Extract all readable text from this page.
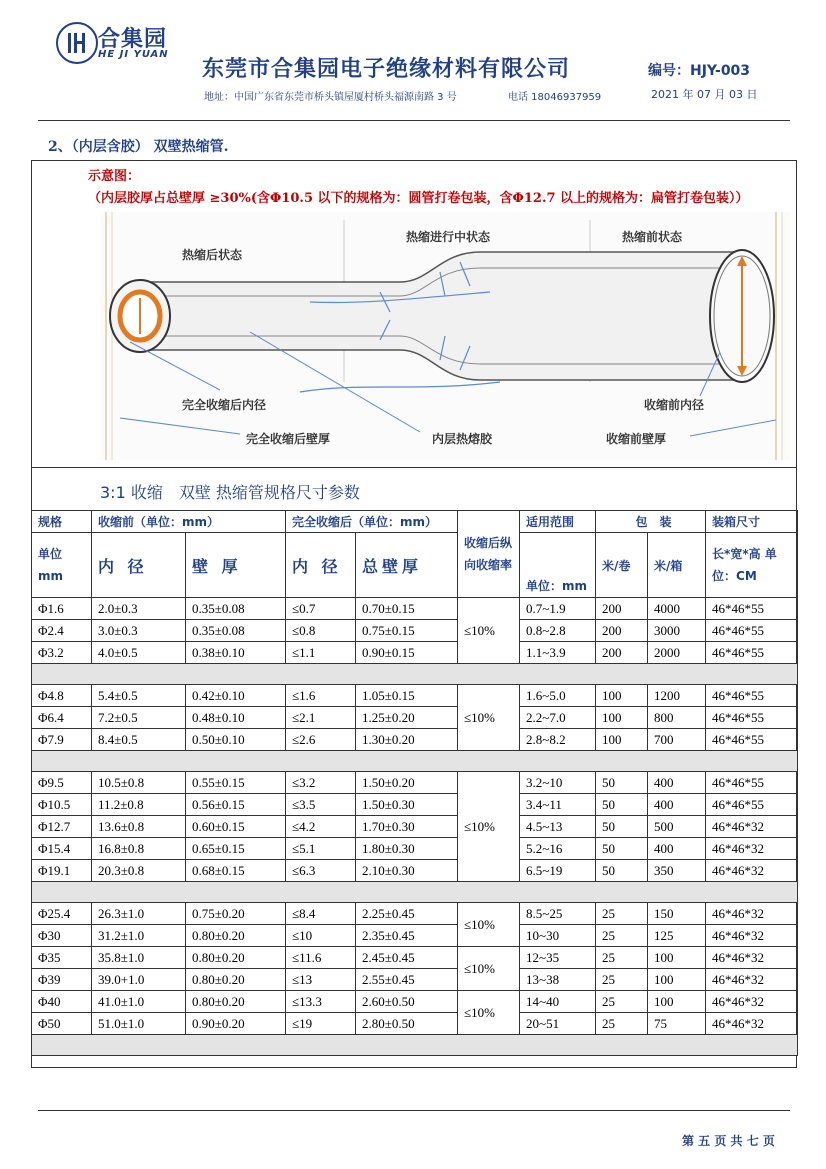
合集园
HE JI YUAN
东莞市合集园电子绝缘材料有限公司	编号：HJY-003
地址：中国广东省东莞市桥头镇屋厦村桥头福源南路 3 号	电话 18046937959	2021 年 07 月 03 日
2、（内层含胶） 双壁热缩管.
示意图：（内层胶厚占总壁厚 ≥30%(含Φ10.5 以下的规格为：圆管打卷包装，含Φ12.7 以上的规格为：扁管打卷包装））
热缩后状态
热缩进行中状态	热缩前状态
完全收缩后内径
完全收缩后壁厚	内层热熔胶
收缩前内径
收缩前壁厚
3:1 收缩　双壁 热缩管规格尺寸参数
规格	收缩前（单位：mm）		完全收缩后（单位：mm）		收缩后纵向收缩率	适用范围	包　装		装箱尺寸
单位 mm	内 径	壁 厚	内 径	总壁厚		单位：mm	米/卷	米/箱	长*宽*高 单位：CM
Φ1.6	2.0±0.3	0.35±0.08	≤0.7	0.70±0.15	≤10%	0.7~1.9	200	4000	46*46*55
Φ2.4	3.0±0.3	0.35±0.08	≤0.8	0.75±0.15		0.8~2.8	200	3000	46*46*55
Φ3.2	4.0±0.5	0.38±0.10	≤1.1	0.90±0.15		1.1~3.9	200	2000	46*46*55

Φ4.8	5.4±0.5	0.42±0.10	≤1.6	1.05±0.15	≤10%	1.6~5.0	100	1200	46*46*55
Φ6.4	7.2±0.5	0.48±0.10	≤2.1	1.25±0.20		2.2~7.0	100	800	46*46*55
Φ7.9	8.4±0.5	0.50±0.10	≤2.6	1.30±0.20		2.8~8.2	100	700	46*46*55

Φ9.5	10.5±0.8	0.55±0.15	≤3.2	1.50±0.20	≤10%	3.2~10	50	400	46*46*55
Φ10.5	11.2±0.8	0.56±0.15	≤3.5	1.50±0.30		3.4~11	50	400	46*46*55
Φ12.7	13.6±0.8	0.60±0.15	≤4.2	1.70±0.30		4.5~13	50	500	46*46*32
Φ15.4	16.8±0.8	0.65±0.15	≤5.1	1.80±0.30		5.2~16	50	400	46*46*32
Φ19.1	20.3±0.8	0.68±0.15	≤6.3	2.10±0.30		6.5~19	50	350	46*46*32

Φ25.4	26.3±1.0	0.75±0.20	≤8.4	2.25±0.45	≤10%	8.5~25	25	150	46*46*32
Φ30	31.2±1.0	0.80±0.20	≤10	2.35±0.45		10~30	25	125	46*46*32
Φ35	35.8±1.0	0.80±0.20	≤11.6	2.45±0.45	≤10%	12~35	25	100	46*46*32
Φ39	39.0+1.0	0.80±0.20	≤13	2.55±0.45		13~38	25	100	46*46*32
Φ40	41.0±1.0	0.80±0.20	≤13.3	2.60±0.50	≤10%	14~40	25	100	46*46*32
Φ50	51.0±1.0	0.90±0.20	≤19	2.80±0.50		20~51	25	75	46*46*32

第 五 页 共 七 页
